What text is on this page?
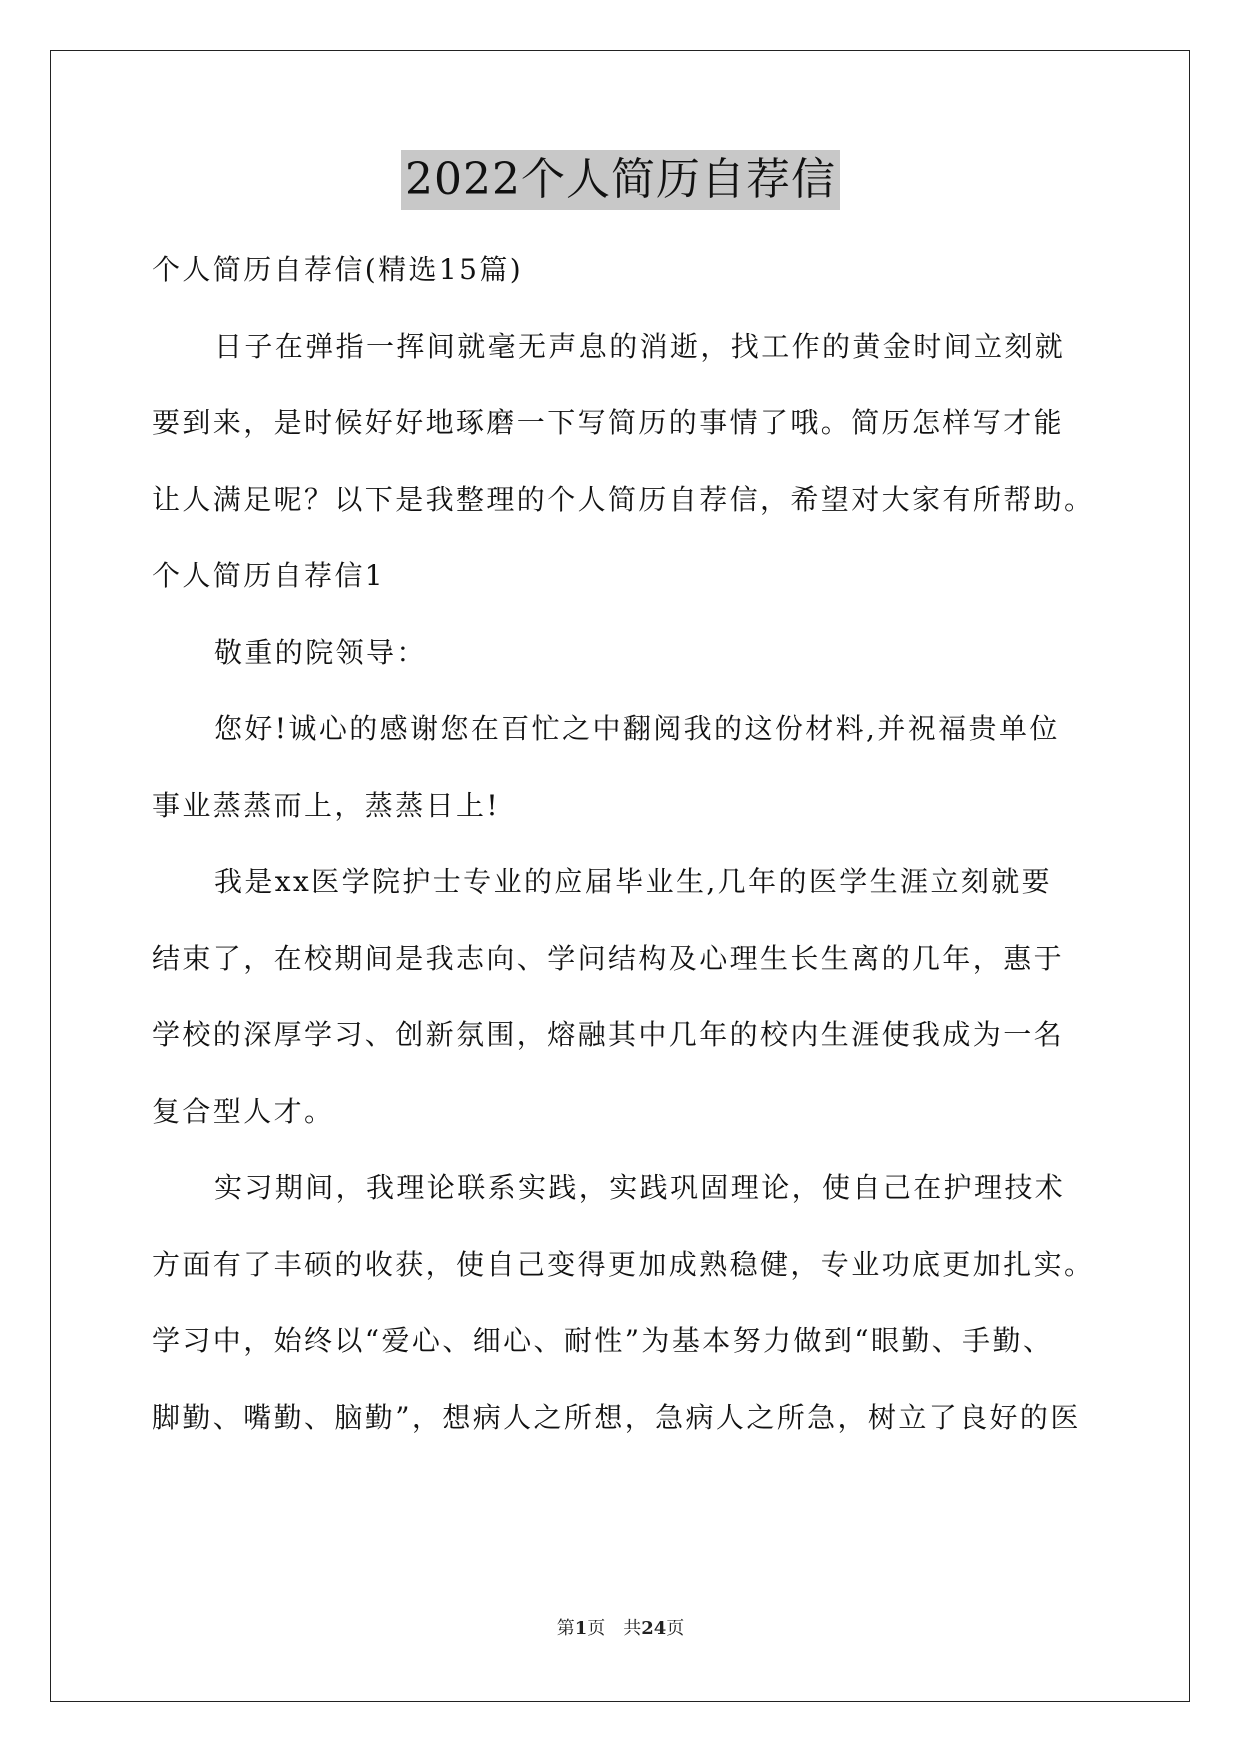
2022个人简历自荐信
个人简历自荐信(精选15篇)
日子在弹指一挥间就毫无声息的消逝，找工作的黄金时间立刻就
要到来，是时候好好地琢磨一下写简历的事情了哦。简历怎样写才能
让人满足呢？以下是我整理的个人简历自荐信，希望对大家有所帮助。
个人简历自荐信1
敬重的院领导：
您好!诚心的感谢您在百忙之中翻阅我的这份材料,并祝福贵单位
事业蒸蒸而上，蒸蒸日上!
我是xx医学院护士专业的应届毕业生,几年的医学生涯立刻就要
结束了，在校期间是我志向、学问结构及心理生长生离的几年，惠于
学校的深厚学习、创新氛围，熔融其中几年的校内生涯使我成为一名
复合型人才。
实习期间，我理论联系实践，实践巩固理论，使自己在护理技术
方面有了丰硕的收获，使自己变得更加成熟稳健，专业功底更加扎实。
学习中，始终以“爱心、细心、耐性”为基本努力做到“眼勤、手勤、
脚勤、嘴勤、脑勤”，想病人之所想，急病人之所急，树立了良好的医
第1页　共24页
